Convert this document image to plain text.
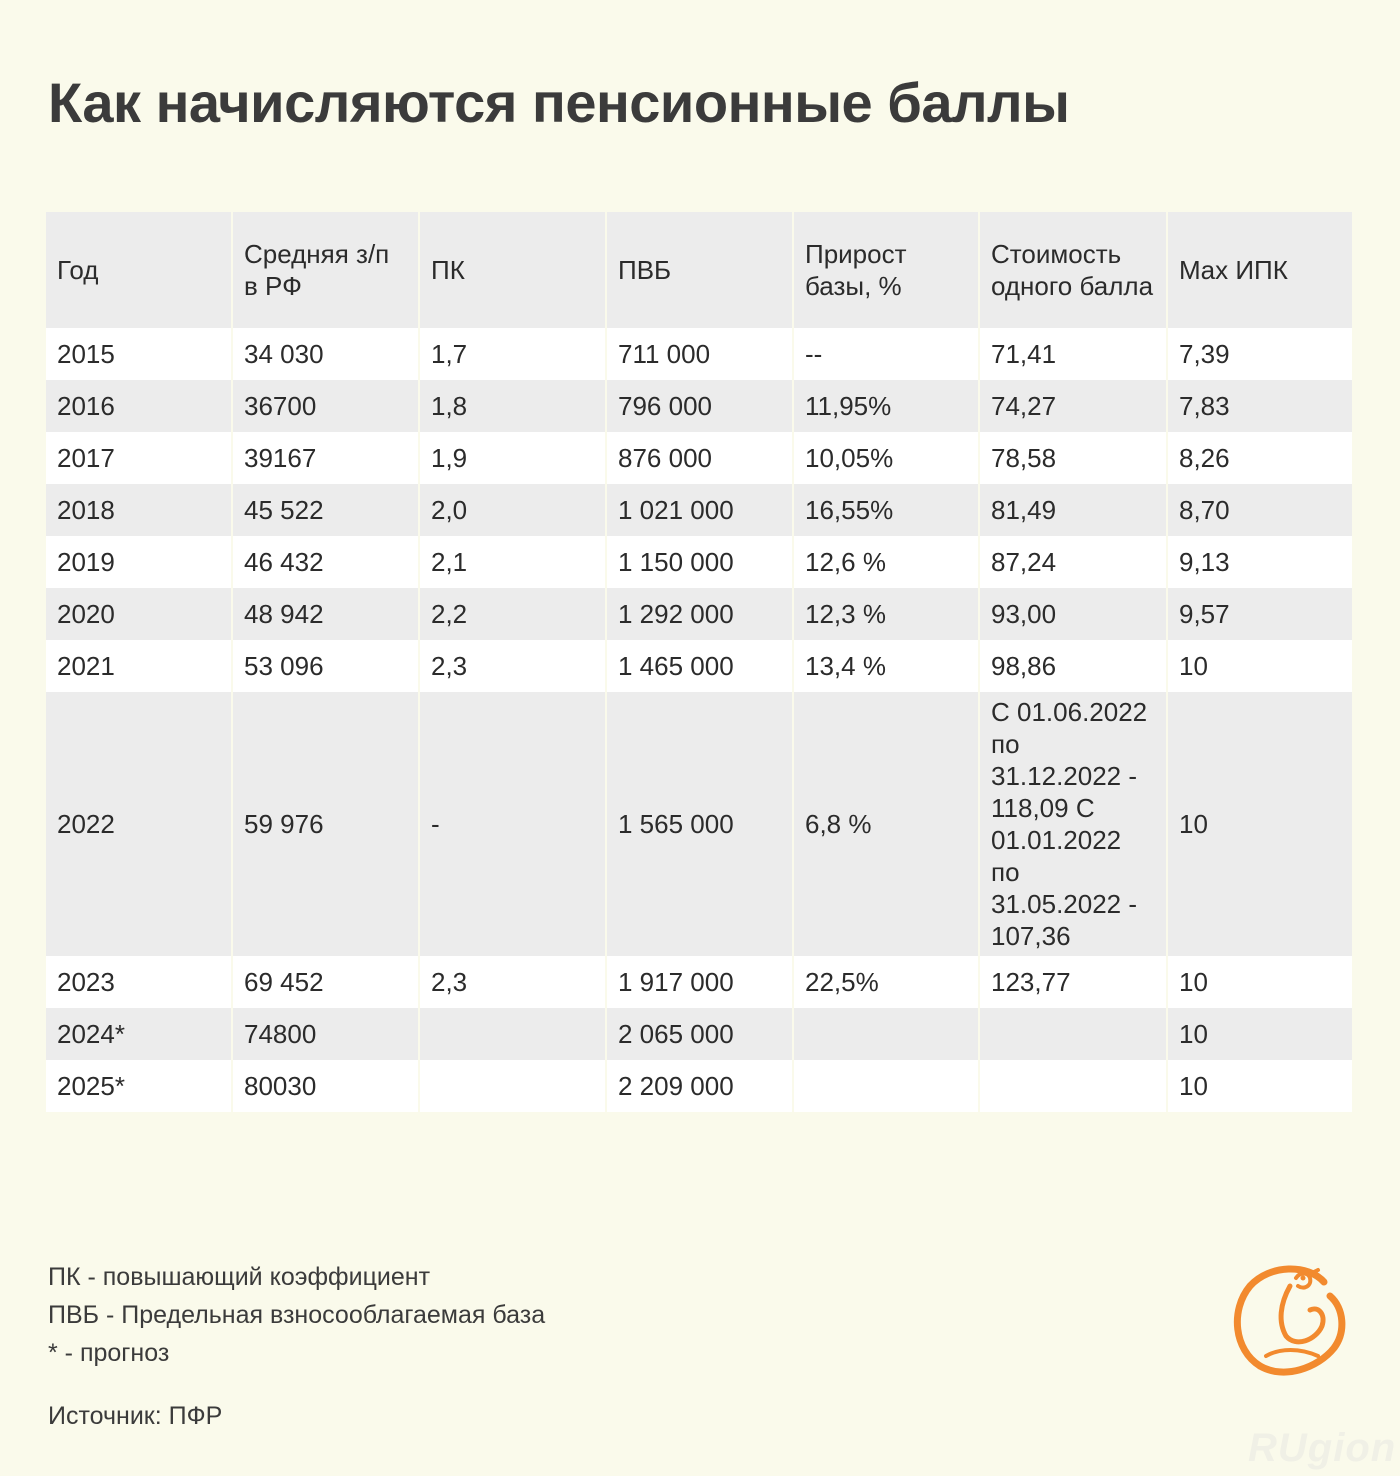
Как начисляются пенсионные баллы
Год	Средняя з/п в РФ	ПК	ПВБ	Прирост базы, %	Стоимость одного балла	Max ИПК
2015	34 030	1,7	711 000	--	71,41	7,39
2016	36700	1,8	796 000	11,95%	74,27	7,83
2017	39167	1,9	876 000	10,05%	78,58	8,26
2018	45 522	2,0	1 021 000	16,55%	81,49	8,70
2019	46 432	2,1	1 150 000	12,6 %	87,24	9,13
2020	48 942	2,2	1 292 000	12,3 %	93,00	9,57
2021	53 096	2,3	1 465 000	13,4 %	98,86	10
2022	59 976	-	1 565 000	6,8 %	С 01.06.2022 по 31.12.2022 - 118,09 С 01.01.2022 по 31.05.2022 - 107,36	10
2023	69 452	2,3	1 917 000	22,5%	123,77	10
2024*	74800		2 065 000			10
2025*	80030		2 209 000			10
ПК - повышающий коэффициент
ПВБ - Предельная взносооблагаемая база
* - прогноз
Источник: ПФР
RUgion
